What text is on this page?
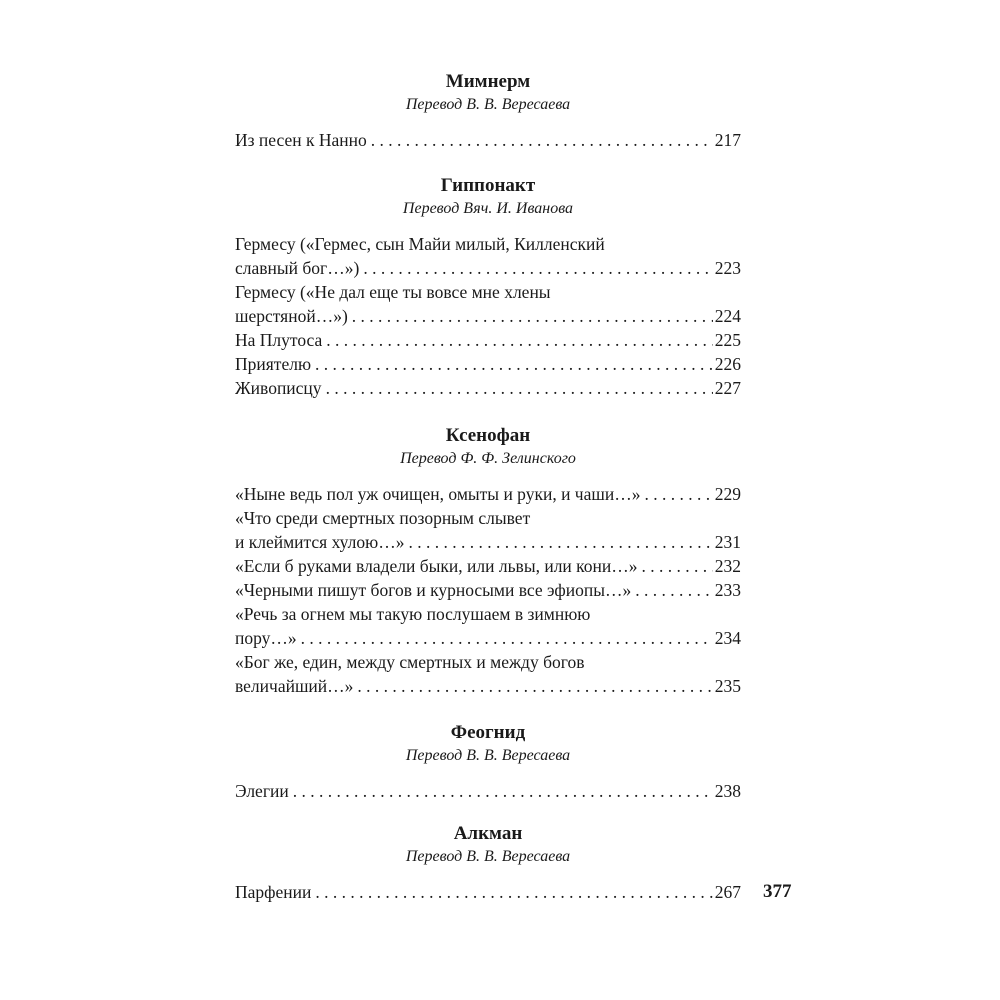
Мимнерм
Перевод В. В. Вересаева
Из песен к Нанно . . .	217
Гиппонакт
Перевод Вяч. И. Иванова
Гермесу («Гермес, сын Майи милый, Килленский
славный бог…») . . .	223
Гермесу («Не дал еще ты вовсе мне хлены
шерстяной…») . . .	224
На Плутоса . . .	225
Приятелю . . .	226
Живописцу . . .	227
Ксенофан
Перевод Ф. Ф. Зелинского
«Ныне ведь пол уж очищен, омыты и руки, и чаши…» . . .	229
«Что среди смертных позорным слывет
и клеймится хулою…» . . .	231
«Если б руками владели быки, или львы, или кони…» . . .	232
«Черными пишут богов и курносыми все эфиопы…» . . .	233
«Речь за огнем мы такую послушаем в зимнюю
пору…» . . .	234
«Бог же, един, между смертных и между богов
величайший…» . . .	235
Феогнид
Перевод В. В. Вересаева
Элегии . . .	238
Алкман
Перевод В. В. Вересаева
Парфении . . .	267 377
